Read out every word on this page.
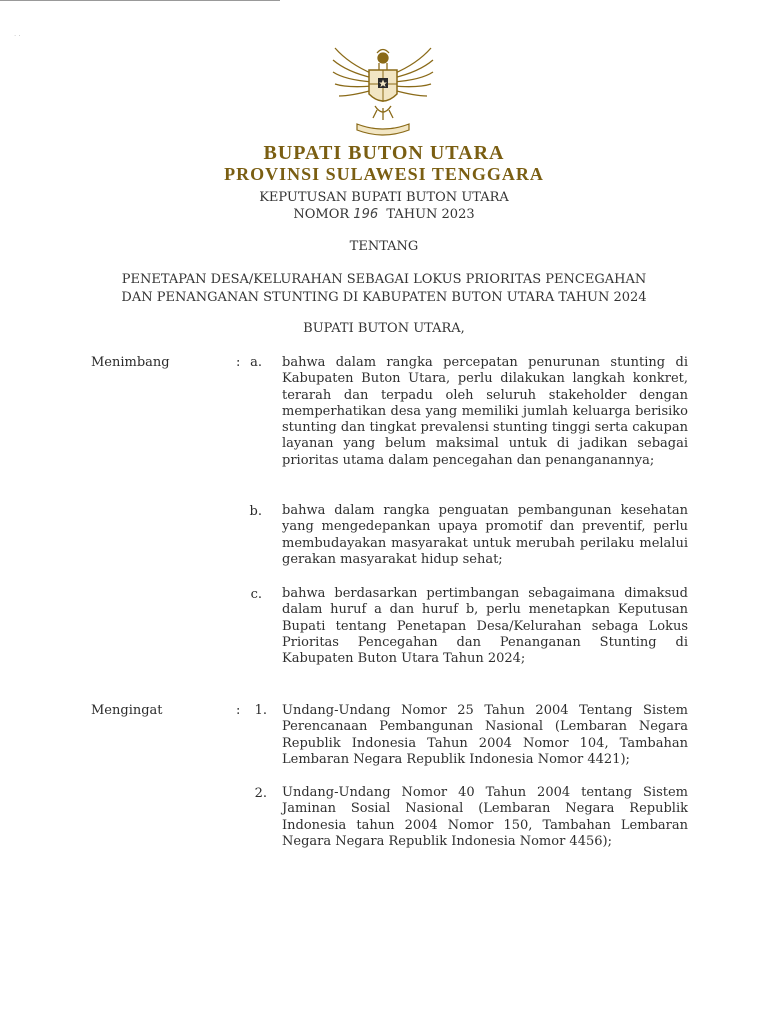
· ·
BUPATI BUTON UTARA
PROVINSI SULAWESI TENGGARA
KEPUTUSAN BUPATI BUTON UTARA
NOMOR 196 TAHUN 2023
TENTANG
PENETAPAN DESA/KELURAHAN SEBAGAI LOKUS PRIORITAS PENCEGAHAN
DAN PENANGANAN STUNTING DI KABUPATEN BUTON UTARA TAHUN 2024
BUPATI BUTON UTARA,
Menimbang	: a. bahwa dalam rangka percepatan penurunan stunting di Kabupaten Buton Utara, perlu dilakukan langkah konkret, terarah dan terpadu oleh seluruh stakeholder dengan memperhatikan desa yang memiliki jumlah keluarga berisiko stunting dan tingkat prevalensi stunting tinggi serta cakupan layanan yang belum maksimal untuk di jadikan sebagai prioritas utama dalam pencegahan dan penanganannya;
b. bahwa dalam rangka penguatan pembangunan kesehatan yang mengedepankan upaya promotif dan preventif, perlu membudayakan masyarakat untuk merubah perilaku melalui gerakan masyarakat hidup sehat;
c. bahwa berdasarkan pertimbangan sebagaimana dimaksud dalam huruf a dan huruf b, perlu menetapkan Keputusan Bupati tentang Penetapan Desa/Kelurahan sebaga Lokus Prioritas Pencegahan dan Penanganan Stunting di Kabupaten Buton Utara Tahun 2024;
Mengingat	:	1. Undang-Undang Nomor 25 Tahun 2004 Tentang Sistem Perencanaan Pembangunan Nasional (Lembaran Negara Republik Indonesia Tahun 2004 Nomor 104, Tambahan Lembaran Negara Republik Indonesia Nomor 4421);
2. Undang-Undang Nomor 40 Tahun 2004 tentang Sistem Jaminan Sosial Nasional (Lembaran Negara Republik Indonesia tahun 2004 Nomor 150, Tambahan Lembaran Negara Negara Republik Indonesia Nomor 4456);
